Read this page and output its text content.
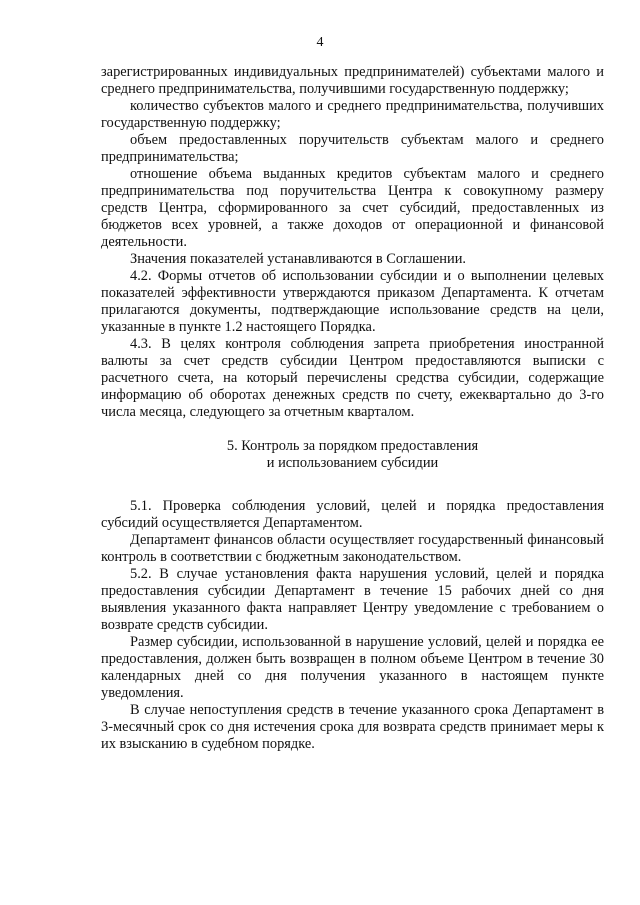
4

зарегистрированных индивидуальных предпринимателей) субъектами малого и среднего предпринимательства, получившими государственную поддержку;

количество субъектов малого и среднего предпринимательства, получивших государственную поддержку;

объем предоставленных поручительств субъектам малого и среднего предпринимательства;

отношение объема выданных кредитов субъектам малого и среднего предпринимательства под поручительства Центра к совокупному размеру средств Центра, сформированного за счет субсидий, предоставленных из бюджетов всех уровней, а также доходов от операционной и финансовой деятельности.

Значения показателей устанавливаются в Соглашении.

4.2. Формы отчетов об использовании субсидии и о выполнении целевых показателей эффективности утверждаются приказом Департамента. К отчетам прилагаются документы, подтверждающие использование средств на цели, указанные в пункте 1.2 настоящего Порядка.

4.3. В целях контроля соблюдения запрета приобретения иностранной валюты за счет средств субсидии Центром предоставляются выписки с расчетного счета, на который перечислены средства субсидии, содержащие информацию об оборотах денежных средств по счету, ежеквартально до 3-го числа месяца, следующего за отчетным кварталом.

5. Контроль за порядком предоставления

и использованием субсидии

5.1. Проверка соблюдения условий, целей и порядка предоставления субсидий осуществляется Департаментом.

Департамент финансов области осуществляет государственный финансовый контроль в соответствии с бюджетным законодательством.

5.2. В случае установления факта нарушения условий, целей и порядка предоставления субсидии Департамент в течение 15 рабочих дней со дня выявления указанного факта направляет Центру уведомление с требованием о возврате средств субсидии.

Размер субсидии, использованной в нарушение условий, целей и порядка ее предоставления, должен быть возвращен в полном объеме Центром в течение 30 календарных дней со дня получения указанного в настоящем пункте уведомления.

В случае непоступления средств в течение указанного срока Департамент в 3-месячный срок со дня истечения срока для возврата средств принимает меры к их взысканию в судебном порядке.
